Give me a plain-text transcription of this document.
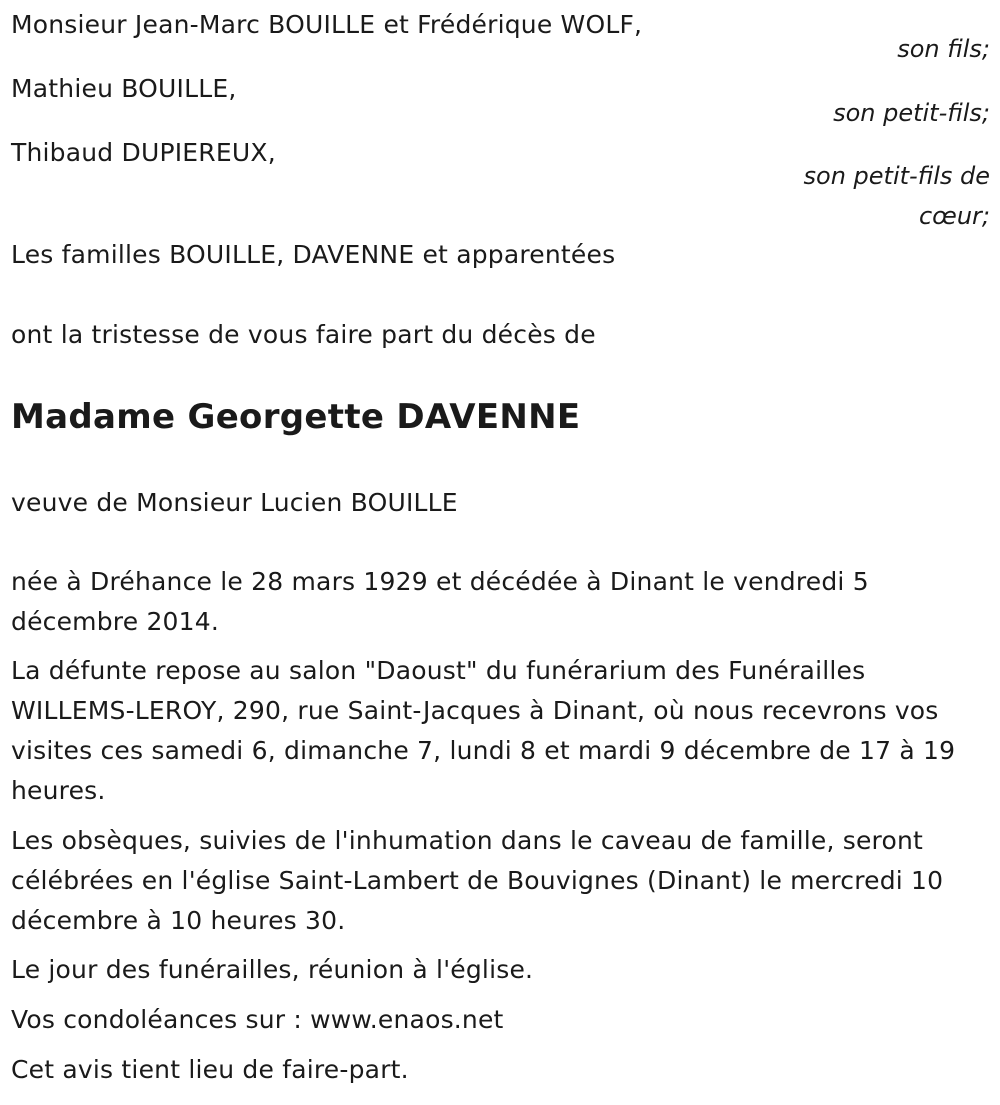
Monsieur Jean-Marc BOUILLE et Frédérique WOLF,
son fils;
Mathieu BOUILLE,
son petit-fils;
Thibaud DUPIEREUX,
son petit-fils de
cœur;
Les familles BOUILLE, DAVENNE et apparentées
ont la tristesse de vous faire part du décès de
Madame Georgette DAVENNE
veuve de Monsieur Lucien BOUILLE
née à Dréhance le 28 mars 1929 et décédée à Dinant le vendredi 5 décembre 2014.
La défunte repose au salon "Daoust" du funérarium des Funérailles WILLEMS-LEROY, 290, rue Saint-Jacques à Dinant, où nous recevrons vos visites ces samedi 6, dimanche 7, lundi 8 et mardi 9 décembre de 17 à 19 heures.
Les obsèques, suivies de l'inhumation dans le caveau de famille, seront célébrées en l'église Saint-Lambert de Bouvignes (Dinant) le mercredi 10 décembre à 10 heures 30.
Le jour des funérailles, réunion à l'église.
Vos condoléances sur : www.enaos.net
Cet avis tient lieu de faire-part.
